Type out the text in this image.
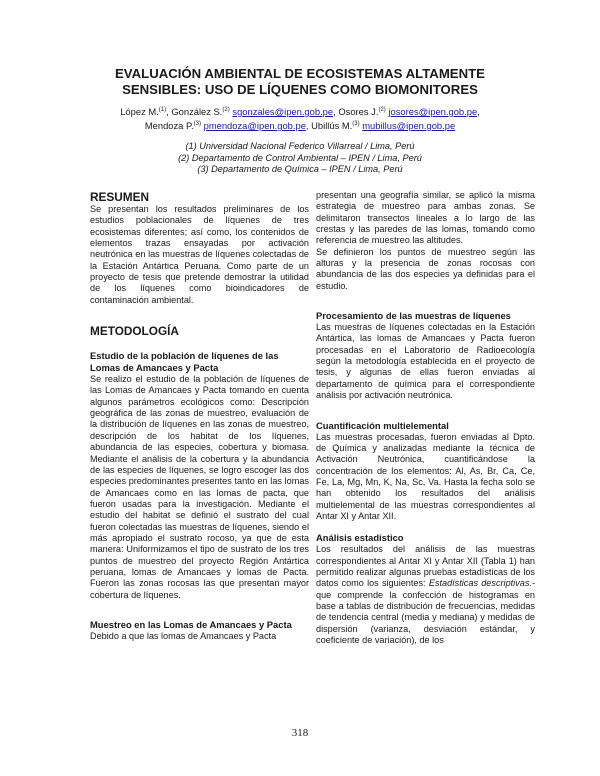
EVALUACIÓN AMBIENTAL DE ECOSISTEMAS ALTAMENTE SENSIBLES: USO DE LÍQUENES COMO BIOMONITORES
López M.$^{(1)}$, González S.$^{(2)}$ sgonzales@ipen.gob.pe, Osores J.$^{(2)}$ josores@ipen.gob.pe,
Mendoza P.$^{(3)}$ pmendoza@ipen.gob.pe, Ubillús M.$^{(3)}$ mubillus@ipen.gob.pe
(1) Universidad Nacional Federico Villarreal / Lima, Perú
(2) Departamento de Control Ambiental – IPEN / Lima, Perú
(3) Departamento de Química – IPEN / Lima, Perú
RESUMEN

Se presentan los resultados preliminares de los estudios poblacionales de líquenes de tres ecosistemas diferentes; así como, los contenidos de elementos trazas ensayadas por activación neutrónica en las muestras de líquenes colectadas de la Estación Antártica Peruana. Como parte de un proyecto de tesis que pretende demostrar la utilidad de los líquenes como bioindicadores de contaminación ambiental.

METODOLOGÍA
Estudio de la población de líquenes de las Lomas de Amancaes y Pacta

Se realizo el estudio de la población de líquenes de las Lomas de Amancaes y Pacta tomando en cuenta algunos parámetros ecológicos como: Descripción geográfica de las zonas de muestreo, evaluación de la distribución de líquenes en las zonas de muestreo, descripción de los habitat de los líquenes, abundancia de las especies, cobertura y biomasa. Mediante el análisis de la cobertura y la abundancia de las especies de líquenes, se logro escoger las dos especies predominantes presentes tanto en las lomas de Amancaes como en las lomas de pacta, que fueron usadas para la investigación. Mediante el estudio del habitat se definió el sustrato del cual fueron colectadas las muestras de líquenes, siendo el más apropiado el sustrato rocoso, ya que de esta manera: Uniformizamos el tipo de sustrato de los tres puntos de muestreo del proyecto Región Antártica peruana, lomas de Amancaes y lomas de Pacta. Fueron las zonas rocosas las que presentan mayor cobertura de líquenes.

Muestreo en las Lomas de Amancaes y Pacta

Debido a que las lomas de Amancaes y Pacta

presentan una geografía similar, se aplicó la misma estrategia de muestreo para ambas zonas. Se delimitaron transectos lineales a lo largo de las crestas y las paredes de las lomas, tomando como referencia de muestreo las altitudes.

Se definieron los puntos de muestreo según las alturas y la presencia de zonas rocosas con abundancia de las dos especies ya definidas para el estudio.

Procesamiento de las muestras de líquenes

Las muestras de líquenes colectadas en la Estación Antártica, las lomas de Amancaes y Pacta fueron procesadas en el Laboratorio de Radioecología según la metodología establecida en el proyecto de tesis, y algunas de ellas fueron enviadas al departamento de química para el correspondiente análisis por activación neutrónica.

Cuantificación multielemental

Las muestras procesadas, fueron enviadas al Dpto. de Química y analizadas mediante la técnica de Activación Neutrónica, cuantificándose la concentración de los elementos: Al, As, Br, Ca, Ce, Fe, La, Mg, Mn, K, Na, Sc, Va. Hasta la fecha solo se han obtenido los resultados del análisis multielemental de las muestras correspondientes al Antar XI y Antar XII.

Análisis estadístico

Los resultados del análisis de las muestras correspondientes al Antar XI y Antar XII (Tabla 1) han permitido realizar algunas pruebas estadísticas de los datos como los siguientes: Estadísticas descriptivas.- que comprende la confección de histogramas en base a tablas de distribución de frecuencias, medidas de tendencia central (media y mediana) y medidas de dispersión (varianza, desviación estándar, y coeficiente de variación), de los

318
